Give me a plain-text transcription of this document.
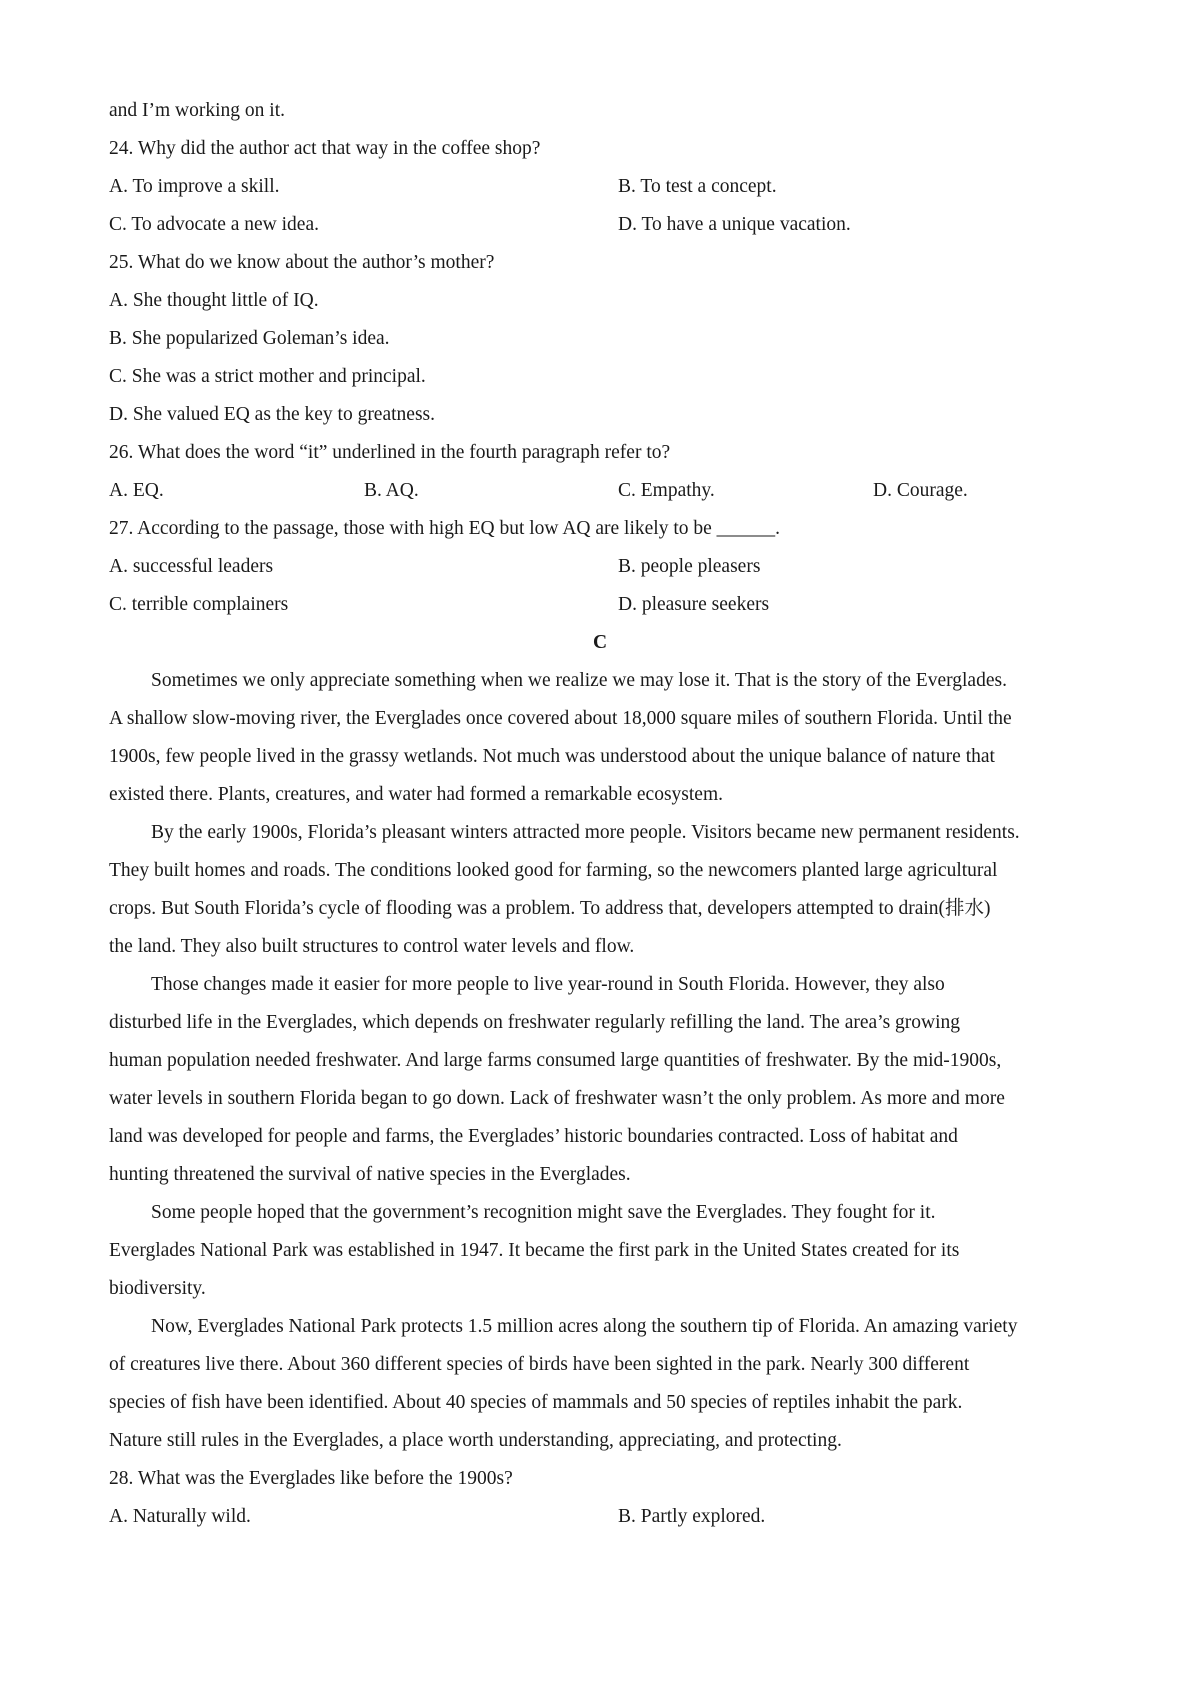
and I’m working on it.
24. Why did the author act that way in the coffee shop?
A. To improve a skill.	B. To test a concept.
C. To advocate a new idea.	D. To have a unique vacation.
25. What do we know about the author’s mother?
A. She thought little of IQ.
B. She popularized Goleman’s idea.
C. She was a strict mother and principal.
D. She valued EQ as the key to greatness.
26. What does the word “it” underlined in the fourth paragraph refer to?
A. EQ.	B. AQ.	C. Empathy.	D. Courage.
27. According to the passage, those with high EQ but low AQ are likely to be ______.
A. successful leaders	B. people pleasers
C. terrible complainers	D. pleasure seekers
C
Sometimes we only appreciate something when we realize we may lose it. That is the story of the Everglades.
A shallow slow-moving river, the Everglades once covered about 18,000 square miles of southern Florida. Until the
1900s, few people lived in the grassy wetlands. Not much was understood about the unique balance of nature that
existed there. Plants, creatures, and water had formed a remarkable ecosystem.
By the early 1900s, Florida’s pleasant winters attracted more people. Visitors became new permanent residents.
They built homes and roads. The conditions looked good for farming, so the newcomers planted large agricultural
crops. But South Florida’s cycle of flooding was a problem. To address that, developers attempted to drain(排水)
the land. They also built structures to control water levels and flow.
Those changes made it easier for more people to live year-round in South Florida. However, they also
disturbed life in the Everglades, which depends on freshwater regularly refilling the land. The area’s growing
human population needed freshwater. And large farms consumed large quantities of freshwater. By the mid-1900s,
water levels in southern Florida began to go down. Lack of freshwater wasn’t the only problem. As more and more
land was developed for people and farms, the Everglades’ historic boundaries contracted. Loss of habitat and
hunting threatened the survival of native species in the Everglades.
Some people hoped that the government’s recognition might save the Everglades. They fought for it.
Everglades National Park was established in 1947. It became the first park in the United States created for its
biodiversity.
Now, Everglades National Park protects 1.5 million acres along the southern tip of Florida. An amazing variety
of creatures live there. About 360 different species of birds have been sighted in the park. Nearly 300 different
species of fish have been identified. About 40 species of mammals and 50 species of reptiles inhabit the park.
Nature still rules in the Everglades, a place worth understanding, appreciating, and protecting.
28. What was the Everglades like before the 1900s?
A. Naturally wild.	B. Partly explored.
